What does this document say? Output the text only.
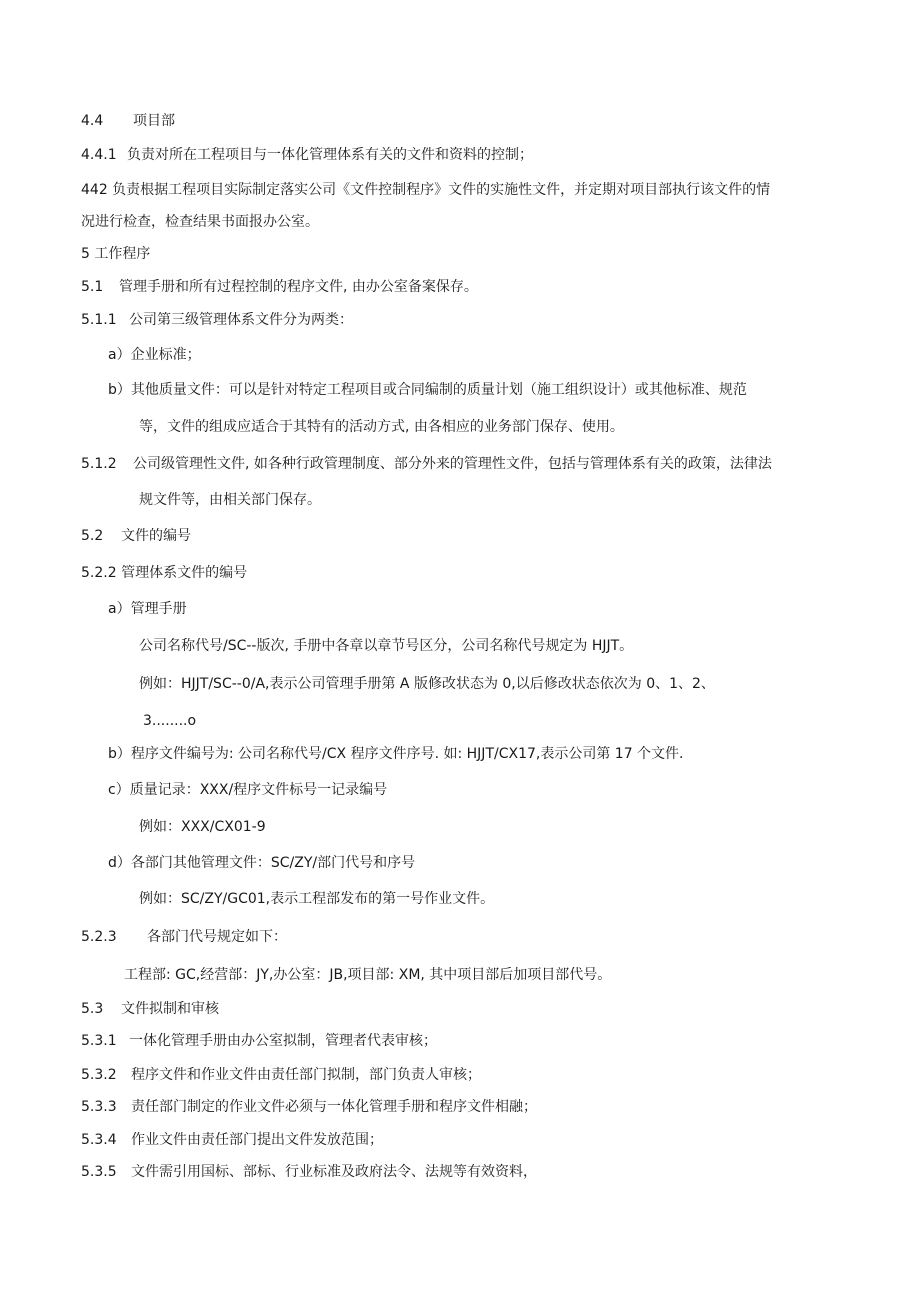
4.4 项目部
4.4.1 负责对所在工程项目与一体化管理体系有关的文件和资料的控制；
442 负责根据工程项目实际制定落实公司《文件控制程序》文件的实施性文件，并定期对项目部执行该文件的情
况进行检查，检查结果书面报办公室。
5 工作程序
5.1 管理手册和所有过程控制的程序文件, 由办公室备案保存。
5.1.1 公司第三级管理体系文件分为两类：
a）企业标准；
b）其他质量文件：可以是针对特定工程项目或合同编制的质量计划（施工组织设计）或其他标准、规范
等，文件的组成应适合于其特有的活动方式, 由各相应的业务部门保存、使用。
5.1.2 公司级管理性文件, 如各种行政管理制度、部分外来的管理性文件，包括与管理体系有关的政策，法律法
规文件等，由相关部门保存。
5.2 文件的编号
5.2.2 管理体系文件的编号
a）管理手册
公司名称代号/SC--版次, 手册中各章以章节号区分，公司名称代号规定为 HJJT。
例如：HJJT/SC--0/A,表示公司管理手册第 A 版修改状态为 0,以后修改状态依次为 0、1、2、
3........o
b）程序文件编号为: 公司名称代号/CX 程序文件序号. 如: HJJT/CX17,表示公司第 17 个文件.
c）质量记录：XXX/程序文件标号一记录编号
例如：XXX/CX01-9
d）各部门其他管理文件：SC/ZY/部门代号和序号
例如：SC/ZY/GC01,表示工程部发布的第一号作业文件。
5.2.3 各部门代号规定如下：
工程部: GC,经营部：JY,办公室：JB,项目部: XM, 其中项目部后加项目部代号。
5.3 文件拟制和审核
5.3.1 一体化管理手册由办公室拟制，管理者代表审核；
5.3.2 程序文件和作业文件由责任部门拟制，部门负责人审核；
5.3.3 责任部门制定的作业文件必须与一体化管理手册和程序文件相融；
5.3.4 作业文件由责任部门提出文件发放范围；
5.3.5 文件需引用国标、部标、行业标准及政府法令、法规等有效资料，
